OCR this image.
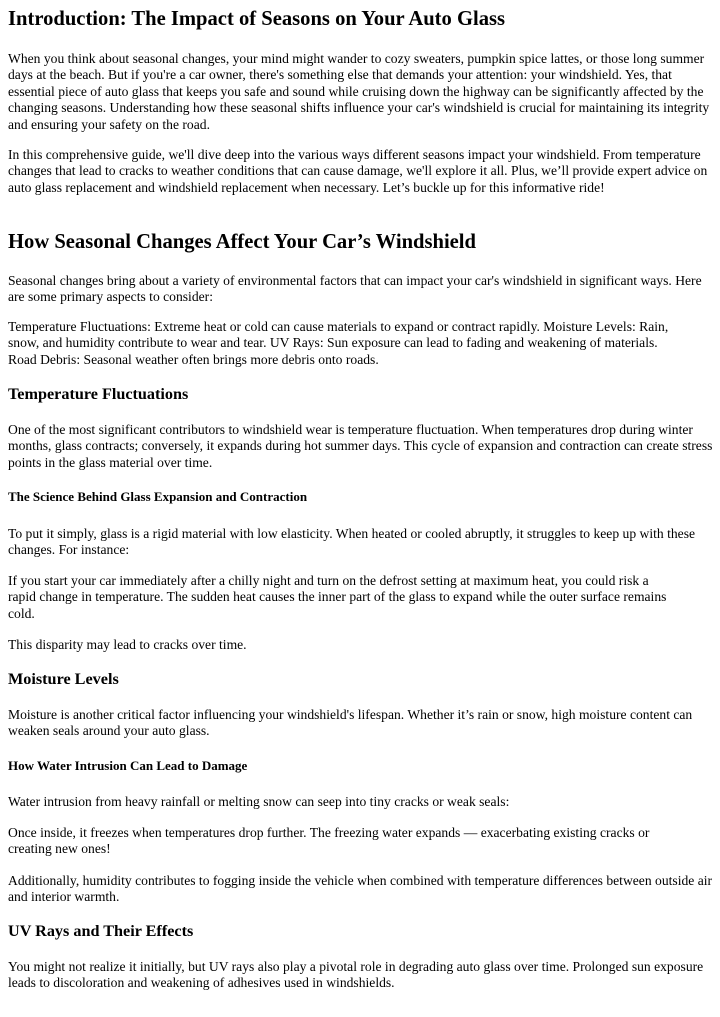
Introduction: The Impact of Seasons on Your Auto Glass

When you think about seasonal changes, your mind might wander to cozy sweaters, pumpkin spice lattes, or those long summer days at the beach. But if you're a car owner, there's something else that demands your attention: your windshield. Yes, that essential piece of auto glass that keeps you safe and sound while cruising down the highway can be significantly affected by the changing seasons. Understanding how these seasonal shifts influence your car's windshield is crucial for maintaining its integrity and ensuring your safety on the road.

In this comprehensive guide, we'll dive deep into the various ways different seasons impact your windshield. From temperature changes that lead to cracks to weather conditions that can cause damage, we'll explore it all. Plus, we’ll provide expert advice on auto glass replacement and windshield replacement when necessary. Let’s buckle up for this informative ride!

How Seasonal Changes Affect Your Car’s Windshield

Seasonal changes bring about a variety of environmental factors that can impact your car's windshield in significant ways. Here are some primary aspects to consider:

Temperature Fluctuations: Extreme heat or cold can cause materials to expand or contract rapidly. Moisture Levels: Rain, snow, and humidity contribute to wear and tear. UV Rays: Sun exposure can lead to fading and weakening of materials. Road Debris: Seasonal weather often brings more debris onto roads.
Temperature Fluctuations

One of the most significant contributors to windshield wear is temperature fluctuation. When temperatures drop during winter months, glass contracts; conversely, it expands during hot summer days. This cycle of expansion and contraction can create stress points in the glass material over time.

The Science Behind Glass Expansion and Contraction

To put it simply, glass is a rigid material with low elasticity. When heated or cooled abruptly, it struggles to keep up with these changes. For instance:

If you start your car immediately after a chilly night and turn on the defrost setting at maximum heat, you could risk a rapid change in temperature. The sudden heat causes the inner part of the glass to expand while the outer surface remains cold.

This disparity may lead to cracks over time.

Moisture Levels

Moisture is another critical factor influencing your windshield's lifespan. Whether it’s rain or snow, high moisture content can weaken seals around your auto glass.

How Water Intrusion Can Lead to Damage

Water intrusion from heavy rainfall or melting snow can seep into tiny cracks or weak seals:

Once inside, it freezes when temperatures drop further. The freezing water expands — exacerbating existing cracks or creating new ones!

Additionally, humidity contributes to fogging inside the vehicle when combined with temperature differences between outside air and interior warmth.

UV Rays and Their Effects

You might not realize it initially, but UV rays also play a pivotal role in degrading auto glass over time. Prolonged sun exposure leads to discoloration and weakening of adhesives used in windshields.
